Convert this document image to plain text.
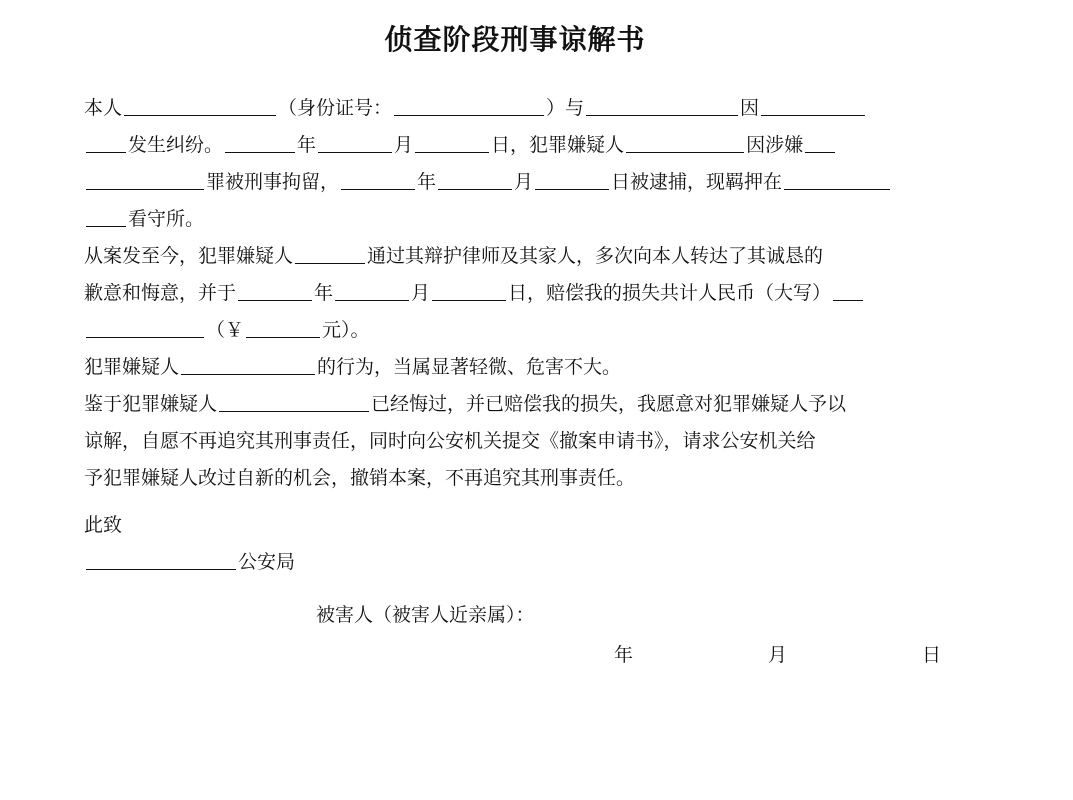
侦查阶段刑事谅解书
本人	（身份证号：	）与	因
发生纠纷。	年	月	日，犯罪嫌疑人	因涉嫌
罪被刑事拘留，	年	月	日被逮捕，现羁押在
看守所。
从案发至今，犯罪嫌疑人	通过其辩护律师及其家人，多次向本人转达了其诚恳的
歉意和悔意，并于	年	月	日，赔偿我的损失共计人民币（大写）
（￥	元）。
犯罪嫌疑人	的行为，当属显著轻微、危害不大。
鉴于犯罪嫌疑人	已经悔过，并已赔偿我的损失，我愿意对犯罪嫌疑人予以
谅解，自愿不再追究其刑事责任，同时向公安机关提交《撤案申请书》，请求公安机关给
予犯罪嫌疑人改过自新的机会，撤销本案，不再追究其刑事责任。
此致
公安局
被害人（被害人近亲属）：
年	月	日
